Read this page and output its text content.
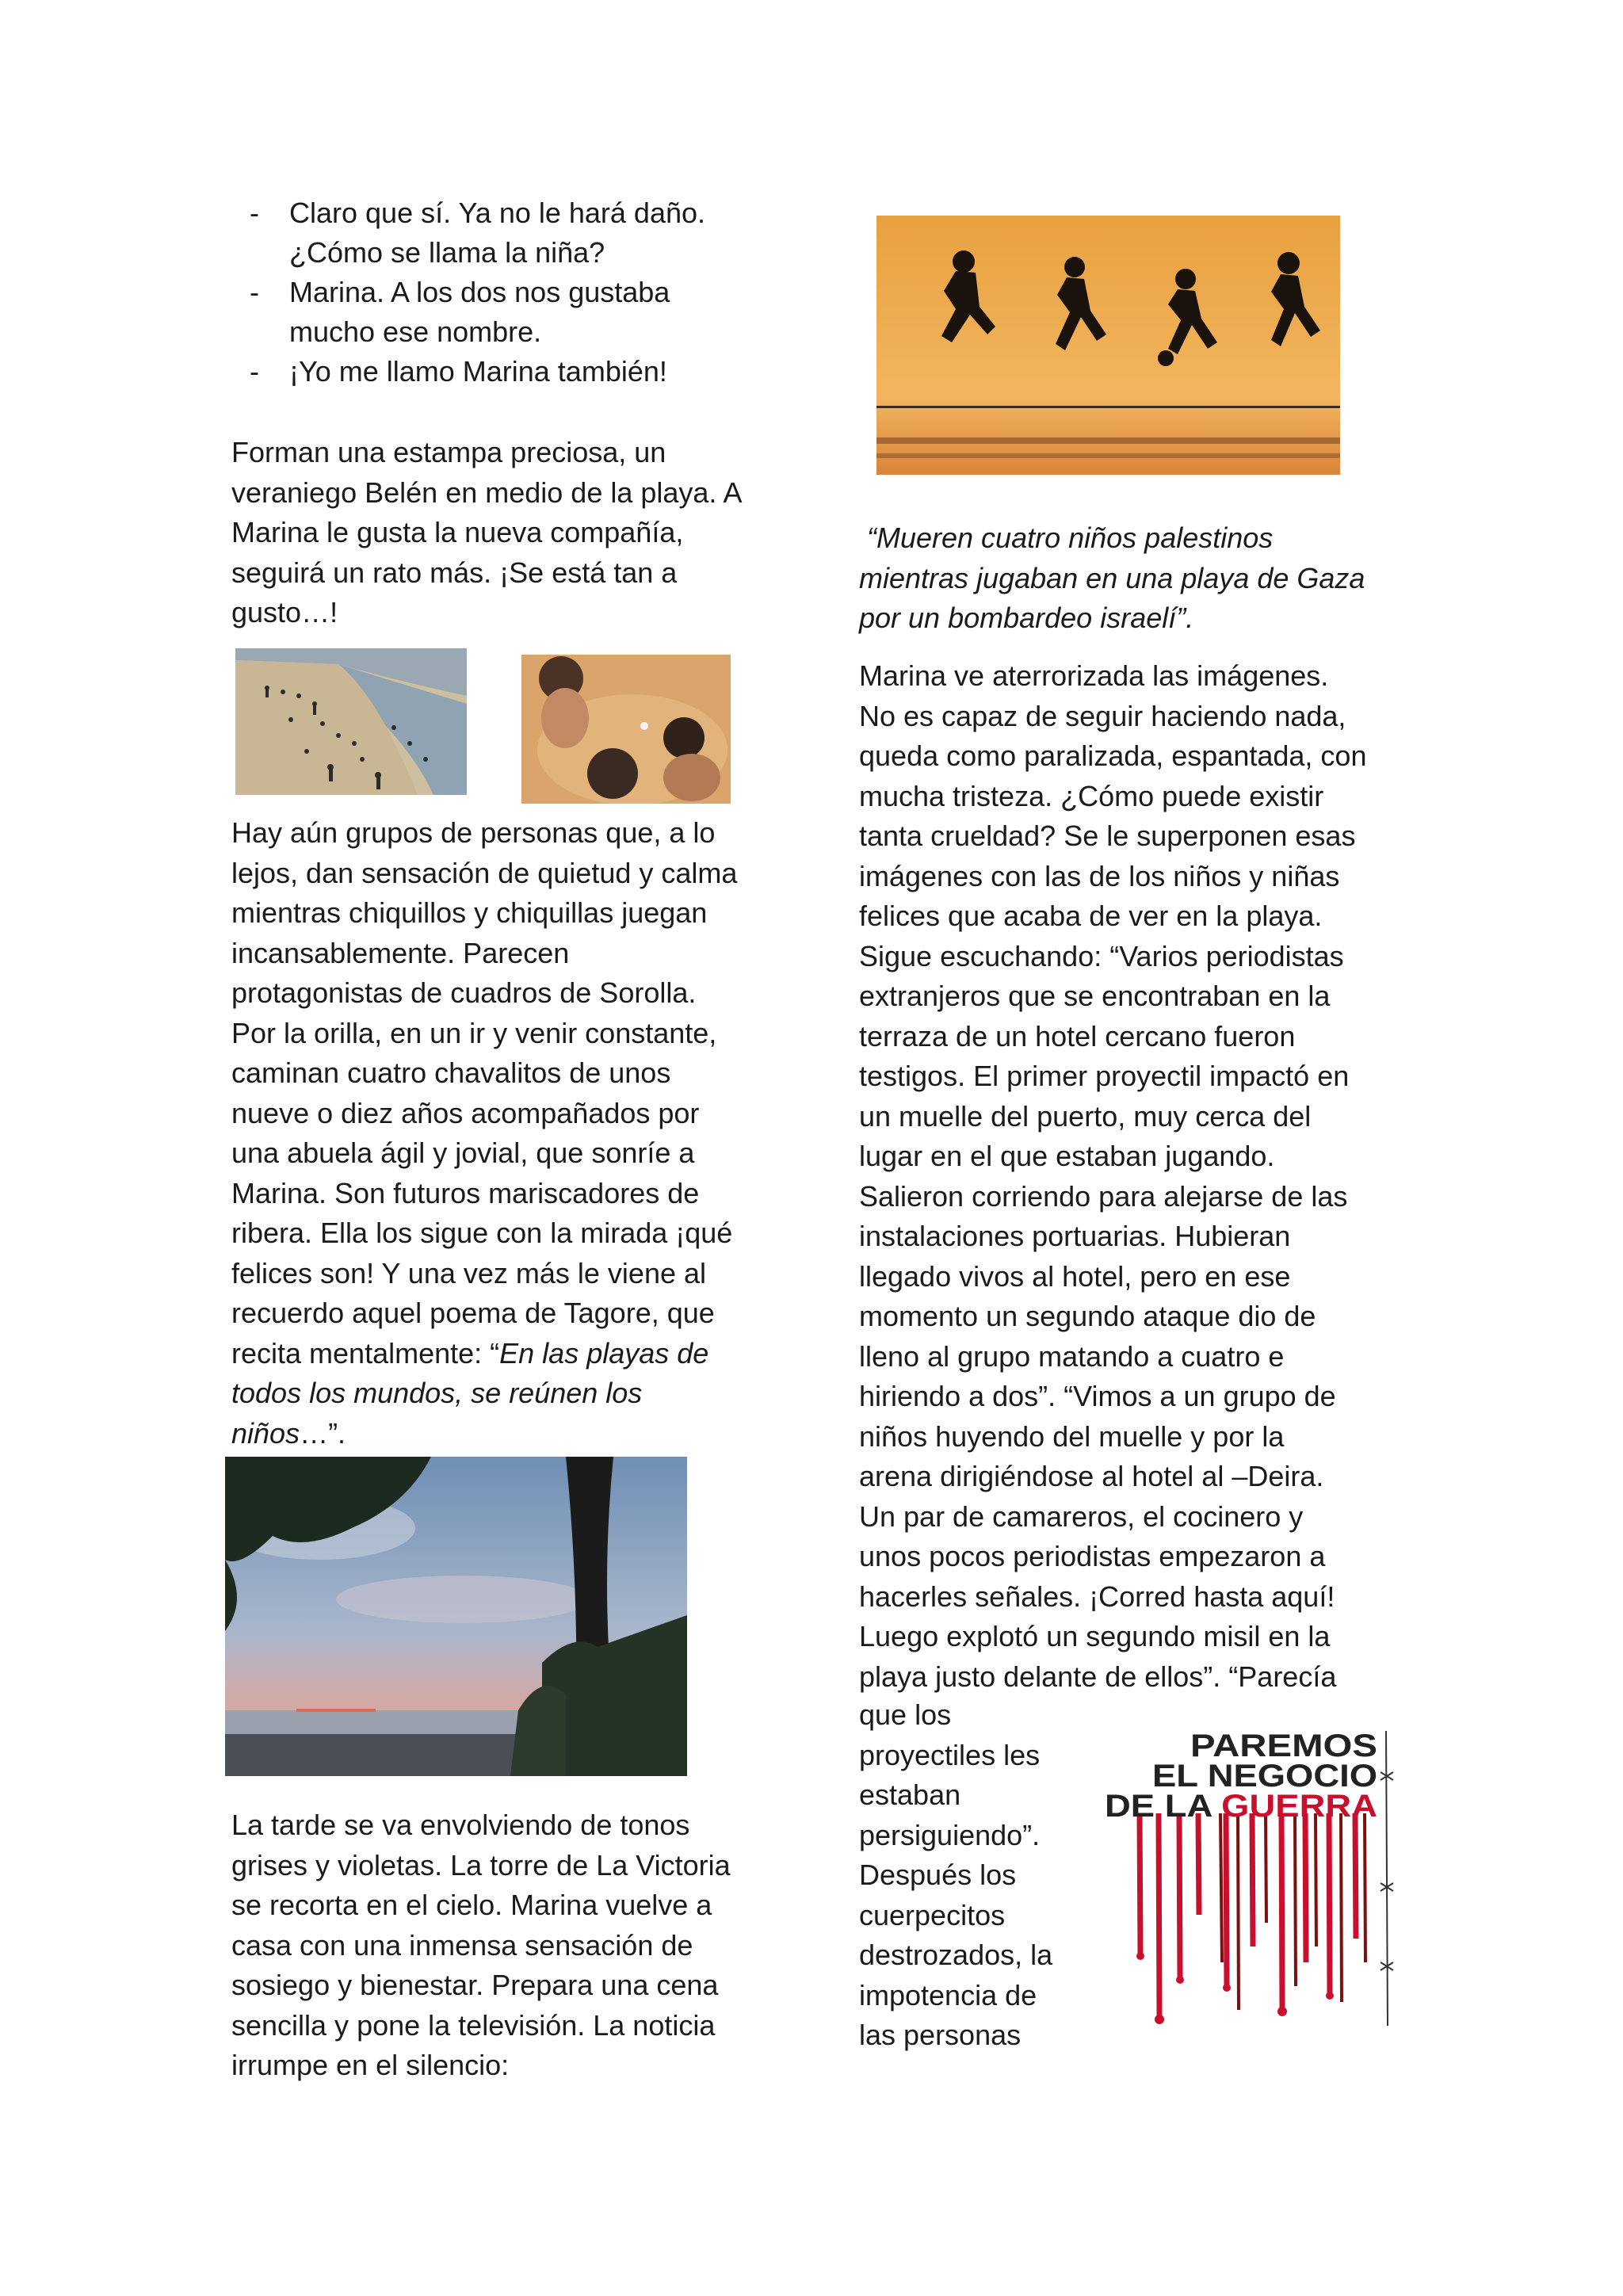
- Claro que sí. Ya no le hará daño.
¿Cómo se llama la niña?
- Marina. A los dos nos gustaba
mucho ese nombre.
- ¡Yo me llamo Marina también!
Forman una estampa preciosa, un
veraniego Belén en medio de la playa. A
Marina le gusta la nueva compañía,
seguirá un rato más. ¡Se está tan a
gusto…!
Hay aún grupos de personas que, a lo
lejos, dan sensación de quietud y calma
mientras chiquillos y chiquillas juegan
incansablemente. Parecen
protagonistas de cuadros de Sorolla.
Por la orilla, en un ir y venir constante,
caminan cuatro chavalitos de unos
nueve o diez años acompañados por
una abuela ágil y jovial, que sonríe a
Marina. Son futuros mariscadores de
ribera. Ella los sigue con la mirada ¡qué
felices son! Y una vez más le viene al
recuerdo aquel poema de Tagore, que
recita mentalmente: “En las playas de
todos los mundos, se reúnen los
niños…”.
La tarde se va envolviendo de tonos
grises y violetas. La torre de La Victoria
se recorta en el cielo. Marina vuelve a
casa con una inmensa sensación de
sosiego y bienestar. Prepara una cena
sencilla y pone la televisión. La noticia
irrumpe en el silencio:
“Mueren cuatro niños palestinos
mientras jugaban en una playa de Gaza
por un bombardeo israelí”.
Marina ve aterrorizada las imágenes.
No es capaz de seguir haciendo nada,
queda como paralizada, espantada, con
mucha tristeza. ¿Cómo puede existir
tanta crueldad? Se le superponen esas
imágenes con las de los niños y niñas
felices que acaba de ver en la playa.
Sigue escuchando: “Varios periodistas
extranjeros que se encontraban en la
terraza de un hotel cercano fueron
testigos. El primer proyectil impactó en
un muelle del puerto, muy cerca del
lugar en el que estaban jugando.
Salieron corriendo para alejarse de las
instalaciones portuarias. Hubieran
llegado vivos al hotel, pero en ese
momento un segundo ataque dio de
lleno al grupo matando a cuatro e
hiriendo a dos”. “Vimos a un grupo de
niños huyendo del muelle y por la
arena dirigiéndose al hotel al –Deira.
Un par de camareros, el cocinero y
unos pocos periodistas empezaron a
hacerles señales. ¡Corred hasta aquí!
Luego explotó un segundo misil en la
playa justo delante de ellos”. “Parecía
que los
proyectiles les
estaban
persiguiendo”.
Después los
cuerpecitos
destrozados, la
impotencia de
las personas
PAREMOS
EL NEGOCIO
DE LA GUERRA
